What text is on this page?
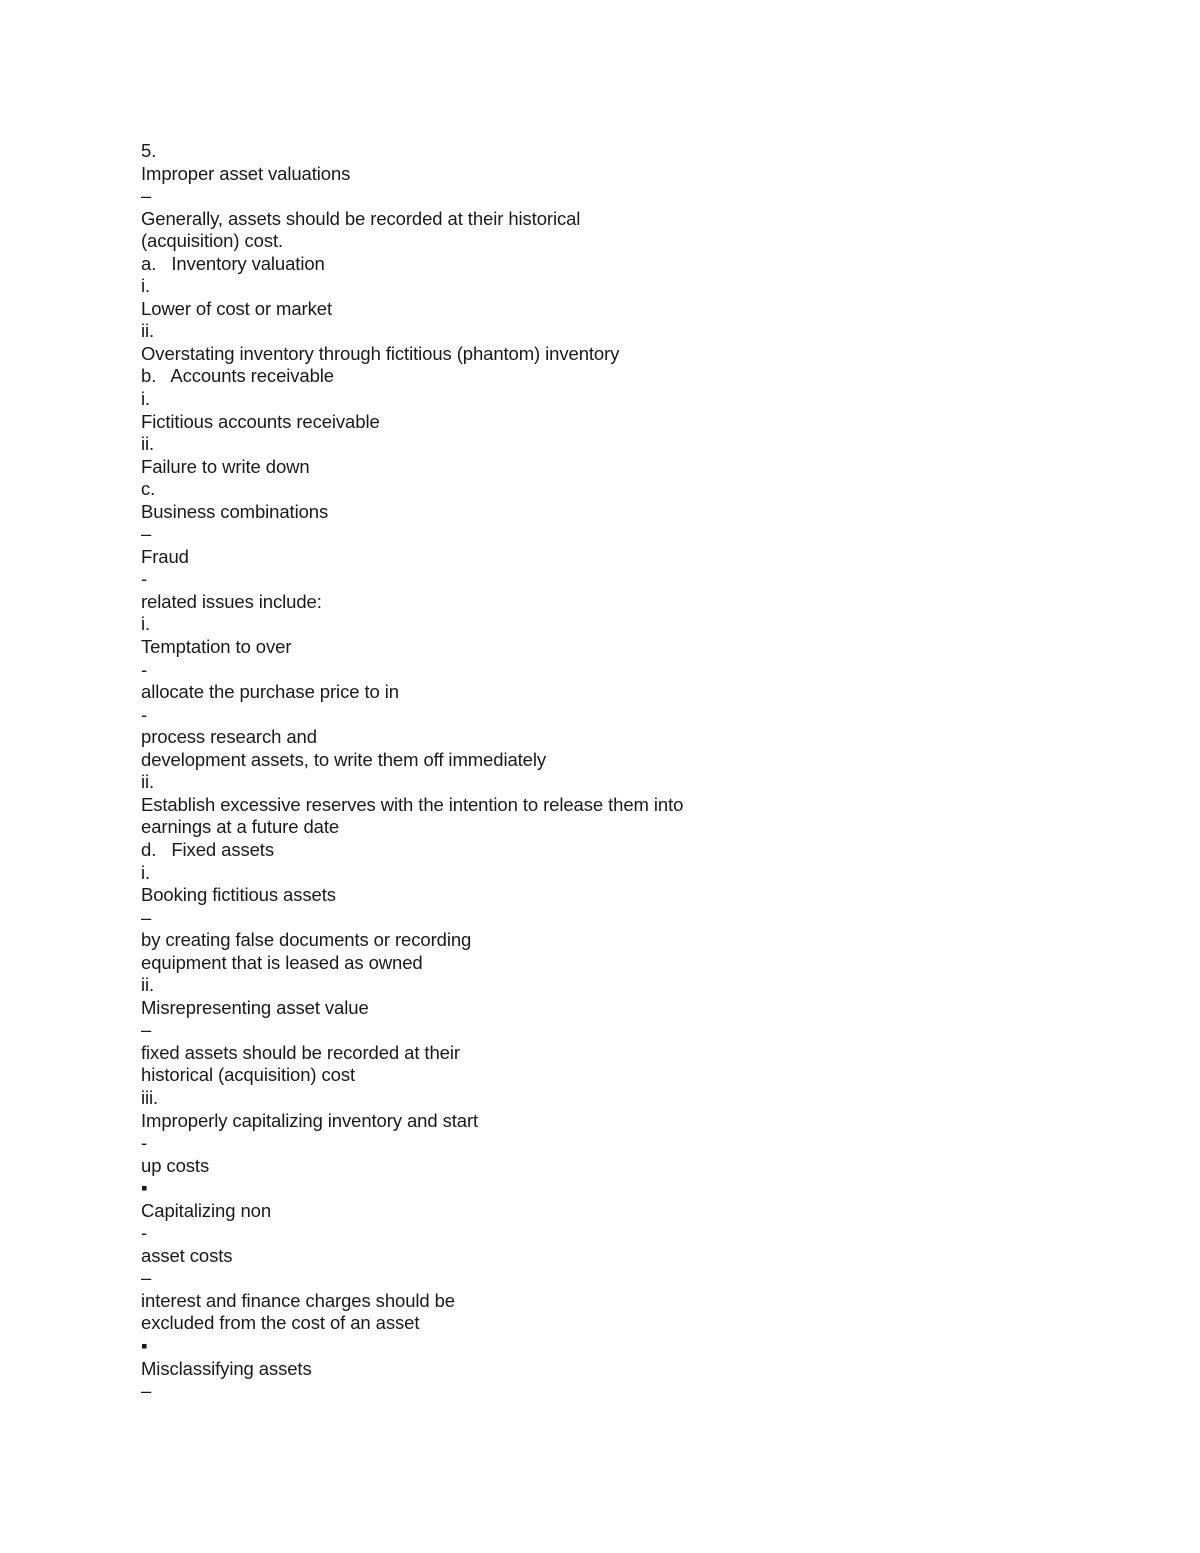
5.
Improper asset valuations
–
Generally, assets should be recorded at their historical
(acquisition) cost.
a.   Inventory valuation
i.
Lower of cost or market
ii.
Overstating inventory through fictitious (phantom) inventory
b.   Accounts receivable
i.
Fictitious accounts receivable
ii.
Failure to write down
c.
Business combinations
–
Fraud
-
related issues include:
i.
Temptation to over
-
allocate the purchase price to in
-
process research and
development assets, to write them off immediately
ii.
Establish excessive reserves with the intention to release them into
earnings at a future date
d.   Fixed assets
i.
Booking fictitious assets
–
by creating false documents or recording
equipment that is leased as owned
ii.
Misrepresenting asset value
–
fixed assets should be recorded at their
historical (acquisition) cost
iii.
Improperly capitalizing inventory and start
-
up costs
▪
Capitalizing non
-
asset costs
–
interest and finance charges should be
excluded from the cost of an asset
▪
Misclassifying assets
–
